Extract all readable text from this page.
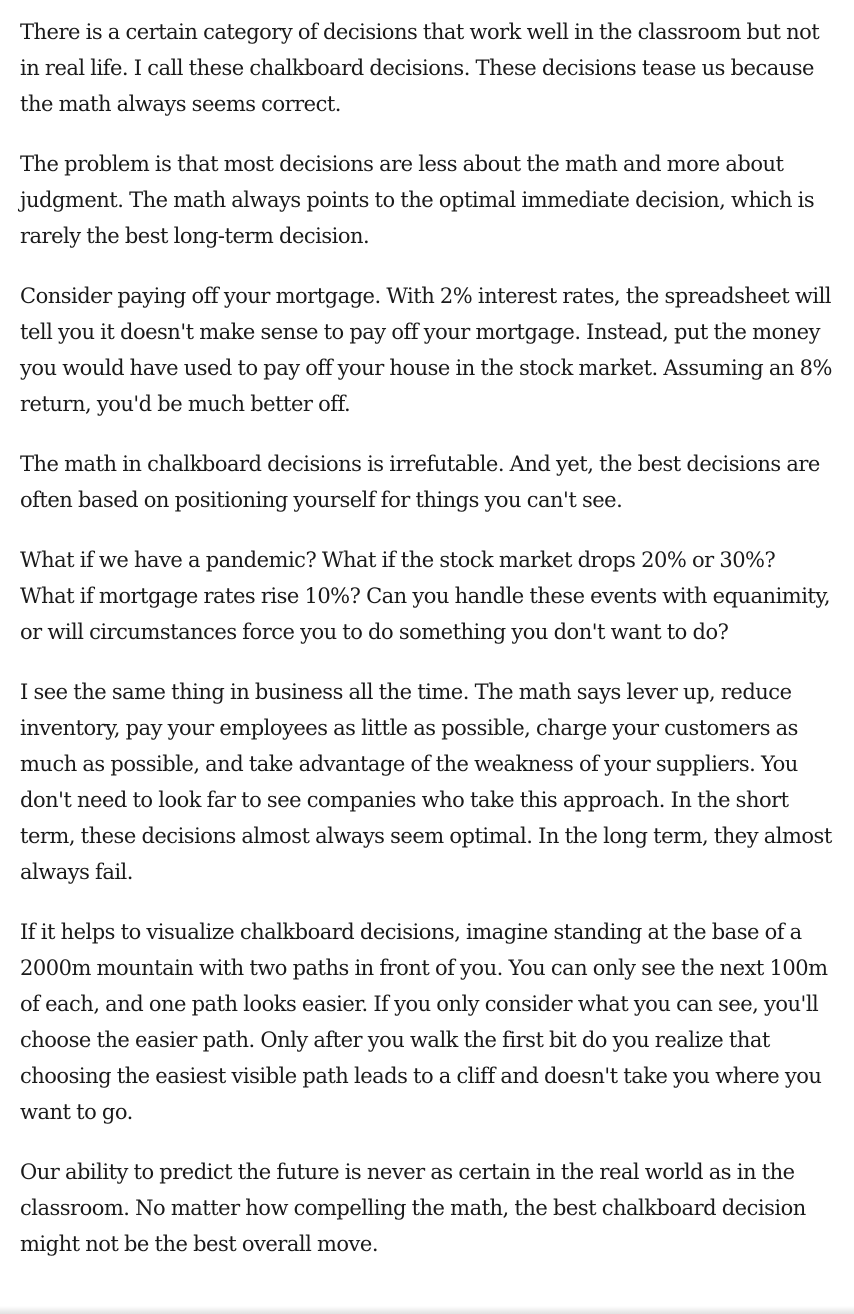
There is a certain category of decisions that work well in the classroom but not in real life. I call these chalkboard decisions. These decisions tease us because the math always seems correct.

The problem is that most decisions are less about the math and more about judgment. The math always points to the optimal immediate decision, which is rarely the best long-term decision.

Consider paying off your mortgage. With 2% interest rates, the spreadsheet will tell you it doesn't make sense to pay off your mortgage. Instead, put the money you would have used to pay off your house in the stock market. Assuming an 8% return, you'd be much better off.

The math in chalkboard decisions is irrefutable. And yet, the best decisions are often based on positioning yourself for things you can't see.

What if we have a pandemic? What if the stock market drops 20% or 30%? What if mortgage rates rise 10%? Can you handle these events with equanimity, or will circumstances force you to do something you don't want to do?

I see the same thing in business all the time. The math says lever up, reduce inventory, pay your employees as little as possible, charge your customers as much as possible, and take advantage of the weakness of your suppliers. You don't need to look far to see companies who take this approach. In the short term, these decisions almost always seem optimal. In the long term, they almost always fail.

If it helps to visualize chalkboard decisions, imagine standing at the base of a 2000m mountain with two paths in front of you. You can only see the next 100m of each, and one path looks easier. If you only consider what you can see, you'll choose the easier path. Only after you walk the first bit do you realize that choosing the easiest visible path leads to a cliff and doesn't take you where you want to go.

Our ability to predict the future is never as certain in the real world as in the classroom. No matter how compelling the math, the best chalkboard decision might not be the best overall move.
